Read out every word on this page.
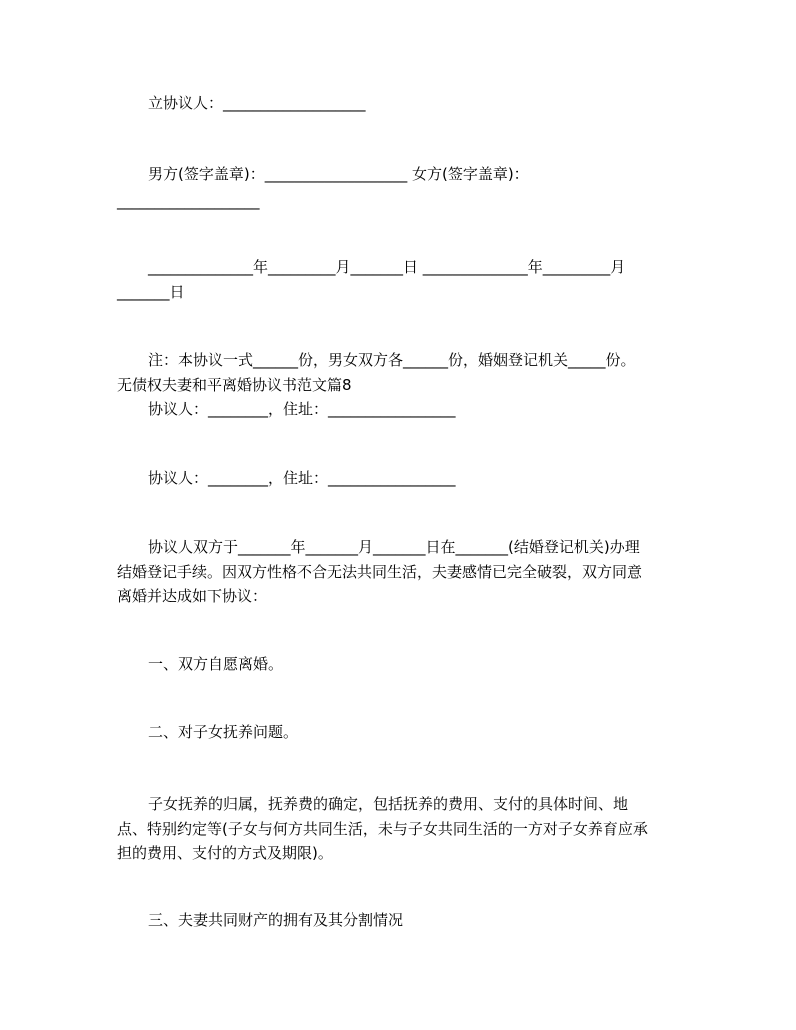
立协议人：___________________
男方(签字盖章)：___________________ 女方(签字盖章)：
___________________
______________年_________月_______日 ______________年_________月
_______日
注：本协议一式______份，男女双方各______份，婚姻登记机关_____份。
无债权夫妻和平离婚协议书范文篇8
协议人：________，住址：_________________
协议人：________，住址：_________________
协议人双方于_______年_______月_______日在_______(结婚登记机关)办理
结婚登记手续。因双方性格不合无法共同生活，夫妻感情已完全破裂，双方同意
离婚并达成如下协议：
一、双方自愿离婚。
二、对子女抚养问题。
子女抚养的归属，抚养费的确定，包括抚养的费用、支付的具体时间、地
点、特别约定等(子女与何方共同生活，未与子女共同生活的一方对子女养育应承
担的费用、支付的方式及期限)。
三、夫妻共同财产的拥有及其分割情况
